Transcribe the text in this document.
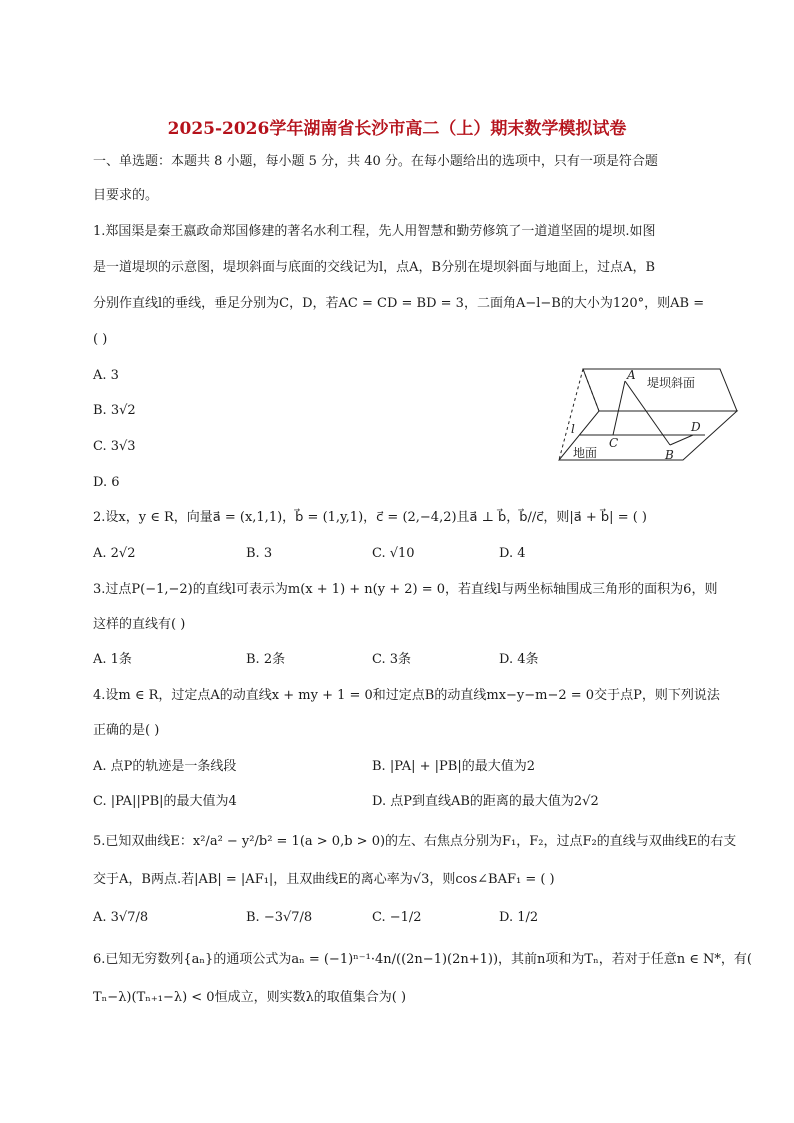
2025-2026学年湖南省长沙市高二（上）期末数学模拟试卷
一、单选题：本题共 8 小题，每小题 5 分，共 40 分。在每小题给出的选项中，只有一项是符合题
目要求的。
1.郑国渠是秦王嬴政命郑国修建的著名水利工程，先人用智慧和勤劳修筑了一道道坚固的堤坝.如图
是一道堤坝的示意图，堤坝斜面与底面的交线记为l，点A，B分别在堤坝斜面与地面上，过点A，B
分别作直线l的垂线，垂足分别为C，D，若AC = CD = BD = 3，二面角A−l−B的大小为120°，则AB =
( )
A. 3
B. 3√2
C. 3√3
D. 6
A
B
C
D
l
堤坝斜面
地面
2.设x，y ∈ R，向量a⃗ = (x,1,1)，b⃗ = (1,y,1)，c⃗ = (2,−4,2)且a⃗ ⊥ b⃗，b⃗//c⃗，则|a⃗ + b⃗| = ( )
A. 2√2	B. 3	C. √10	D. 4
3.过点P(−1,−2)的直线l可表示为m(x + 1) + n(y + 2) = 0，若直线l与两坐标轴围成三角形的面积为6，则
这样的直线有( )
A. 1条	B. 2条	C. 3条	D. 4条
4.设m ∈ R，过定点A的动直线x + my + 1 = 0和过定点B的动直线mx−y−m−2 = 0交于点P，则下列说法
正确的是( )
A. 点P的轨迹是一条线段	B. |PA| + |PB|的最大值为2
C. |PA||PB|的最大值为4	D. 点P到直线AB的距离的最大值为2√2
5.已知双曲线E：x²/a² − y²/b² = 1(a > 0,b > 0)的左、右焦点分别为F₁，F₂，过点F₂的直线与双曲线E的右支
交于A，B两点.若|AB| = |AF₁|，且双曲线E的离心率为√3，则cos∠BAF₁ = ( )
A. 3√7/8	B. −3√7/8	C. −1/2	D. 1/2
6.已知无穷数列{aₙ}的通项公式为aₙ = (−1)ⁿ⁻¹·4n/((2n−1)(2n+1))，其前n项和为Tₙ，若对于任意n ∈ N*，有(
Tₙ−λ)(Tₙ₊₁−λ) < 0恒成立，则实数λ的取值集合为( )
